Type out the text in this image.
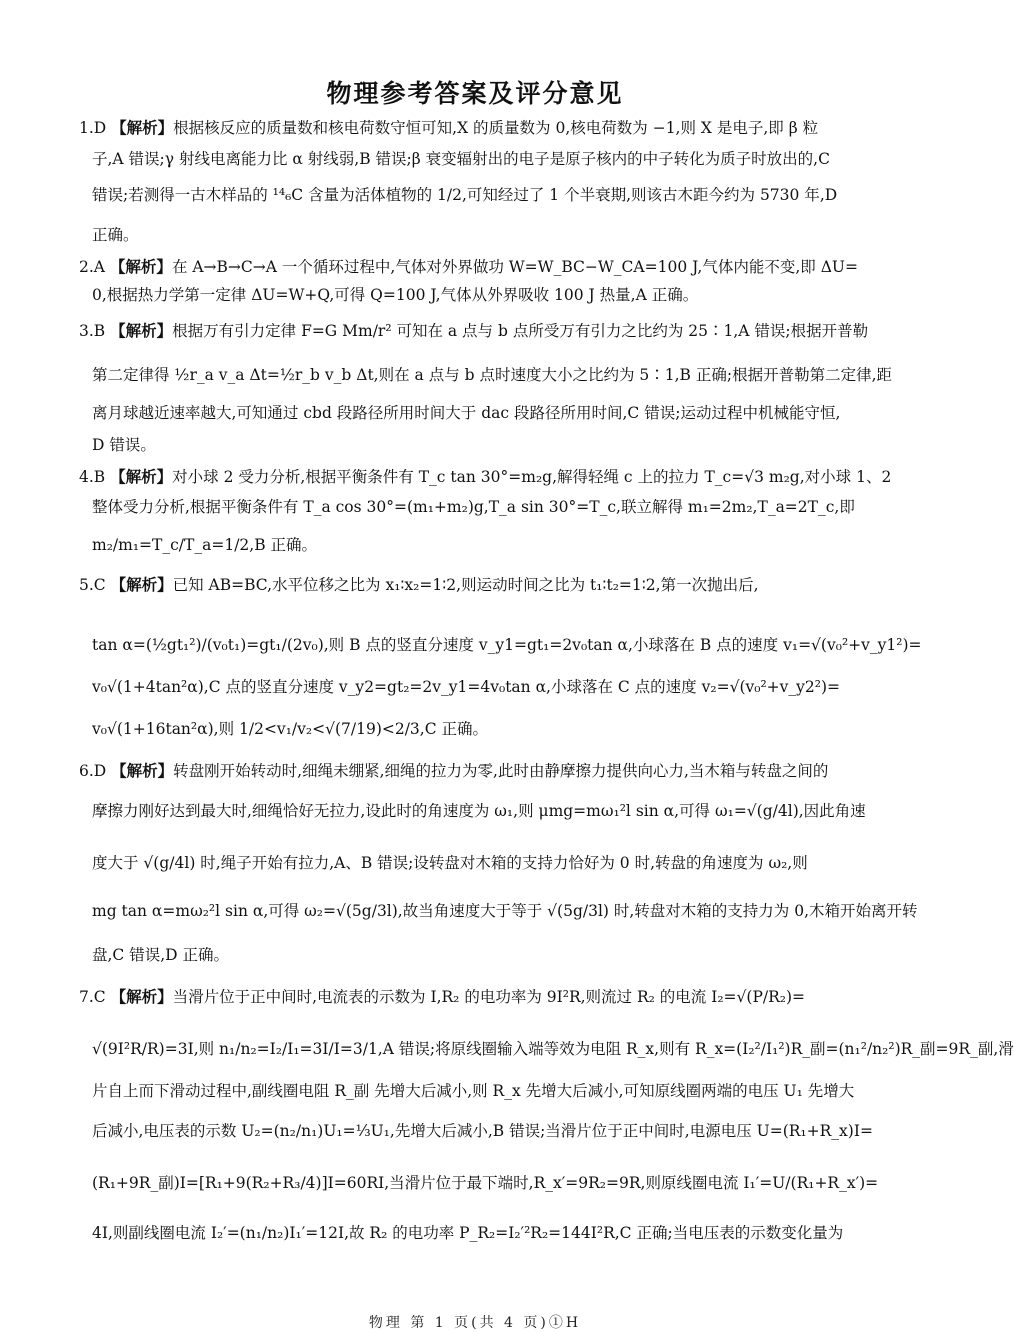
物理参考答案及评分意见
1.D 【解析】根据核反应的质量数和核电荷数守恒可知,X 的质量数为 0,核电荷数为 −1,则 X 是电子,即 β 粒
子,A 错误;γ 射线电离能力比 α 射线弱,B 错误;β 衰变辐射出的电子是原子核内的中子转化为质子时放出的,C
错误;若测得一古木样品的 ¹⁴₆C 含量为活体植物的 1/2,可知经过了 1 个半衰期,则该古木距今约为 5730 年,D
正确。
2.A 【解析】在 A→B→C→A 一个循环过程中,气体对外界做功 W=W_BC−W_CA=100 J,气体内能不变,即 ΔU=
0,根据热力学第一定律 ΔU=W+Q,可得 Q=100 J,气体从外界吸收 100 J 热量,A 正确。
3.B 【解析】根据万有引力定律 F=G Mm/r² 可知在 a 点与 b 点所受万有引力之比约为 25∶1,A 错误;根据开普勒
第二定律得 ½r_a v_a Δt=½r_b v_b Δt,则在 a 点与 b 点时速度大小之比约为 5∶1,B 正确;根据开普勒第二定律,距
离月球越近速率越大,可知通过 cbd 段路径所用时间大于 dac 段路径所用时间,C 错误;运动过程中机械能守恒,
D 错误。
4.B 【解析】对小球 2 受力分析,根据平衡条件有 T_c tan 30°=m₂g,解得轻绳 c 上的拉力 T_c=√3 m₂g,对小球 1、2
整体受力分析,根据平衡条件有 T_a cos 30°=(m₁+m₂)g,T_a sin 30°=T_c,联立解得 m₁=2m₂,T_a=2T_c,即
m₂/m₁=T_c/T_a=1/2,B 正确。
5.C 【解析】已知 AB=BC,水平位移之比为 x₁∶x₂=1∶2,则运动时间之比为 t₁∶t₂=1∶2,第一次抛出后,
tan α=(½gt₁²)/(v₀t₁)=gt₁/(2v₀),则 B 点的竖直分速度 v_y1=gt₁=2v₀tan α,小球落在 B 点的速度 v₁=√(v₀²+v_y1²)=
v₀√(1+4tan²α),C 点的竖直分速度 v_y2=gt₂=2v_y1=4v₀tan α,小球落在 C 点的速度 v₂=√(v₀²+v_y2²)=
v₀√(1+16tan²α),则 1/2<v₁/v₂<√(7/19)<2/3,C 正确。
6.D 【解析】转盘刚开始转动时,细绳未绷紧,细绳的拉力为零,此时由静摩擦力提供向心力,当木箱与转盘之间的
摩擦力刚好达到最大时,细绳恰好无拉力,设此时的角速度为 ω₁,则 μmg=mω₁²l sin α,可得 ω₁=√(g/4l),因此角速
度大于 √(g/4l) 时,绳子开始有拉力,A、B 错误;设转盘对木箱的支持力恰好为 0 时,转盘的角速度为 ω₂,则
mg tan α=mω₂²l sin α,可得 ω₂=√(5g/3l),故当角速度大于等于 √(5g/3l) 时,转盘对木箱的支持力为 0,木箱开始离开转
盘,C 错误,D 正确。
7.C 【解析】当滑片位于正中间时,电流表的示数为 I,R₂ 的电功率为 9I²R,则流过 R₂ 的电流 I₂=√(P/R₂)=
√(9I²R/R)=3I,则 n₁/n₂=I₂/I₁=3I/I=3/1,A 错误;将原线圈输入端等效为电阻 R_x,则有 R_x=(I₂²/I₁²)R_副=(n₁²/n₂²)R_副=9R_副,滑
片自上而下滑动过程中,副线圈电阻 R_副 先增大后减小,则 R_x 先增大后减小,可知原线圈两端的电压 U₁ 先增大
后减小,电压表的示数 U₂=(n₂/n₁)U₁=⅓U₁,先增大后减小,B 错误;当滑片位于正中间时,电源电压 U=(R₁+R_x)I=
(R₁+9R_副)I=[R₁+9(R₂+R₃/4)]I=60RI,当滑片位于最下端时,R_x′=9R₂=9R,则原线圈电流 I₁′=U/(R₁+R_x′)=
4I,则副线圈电流 I₂′=(n₁/n₂)I₁′=12I,故 R₂ 的电功率 P_R₂=I₂′²R₂=144I²R,C 正确;当电压表的示数变化量为
物理 第 1 页(共 4 页)①H
